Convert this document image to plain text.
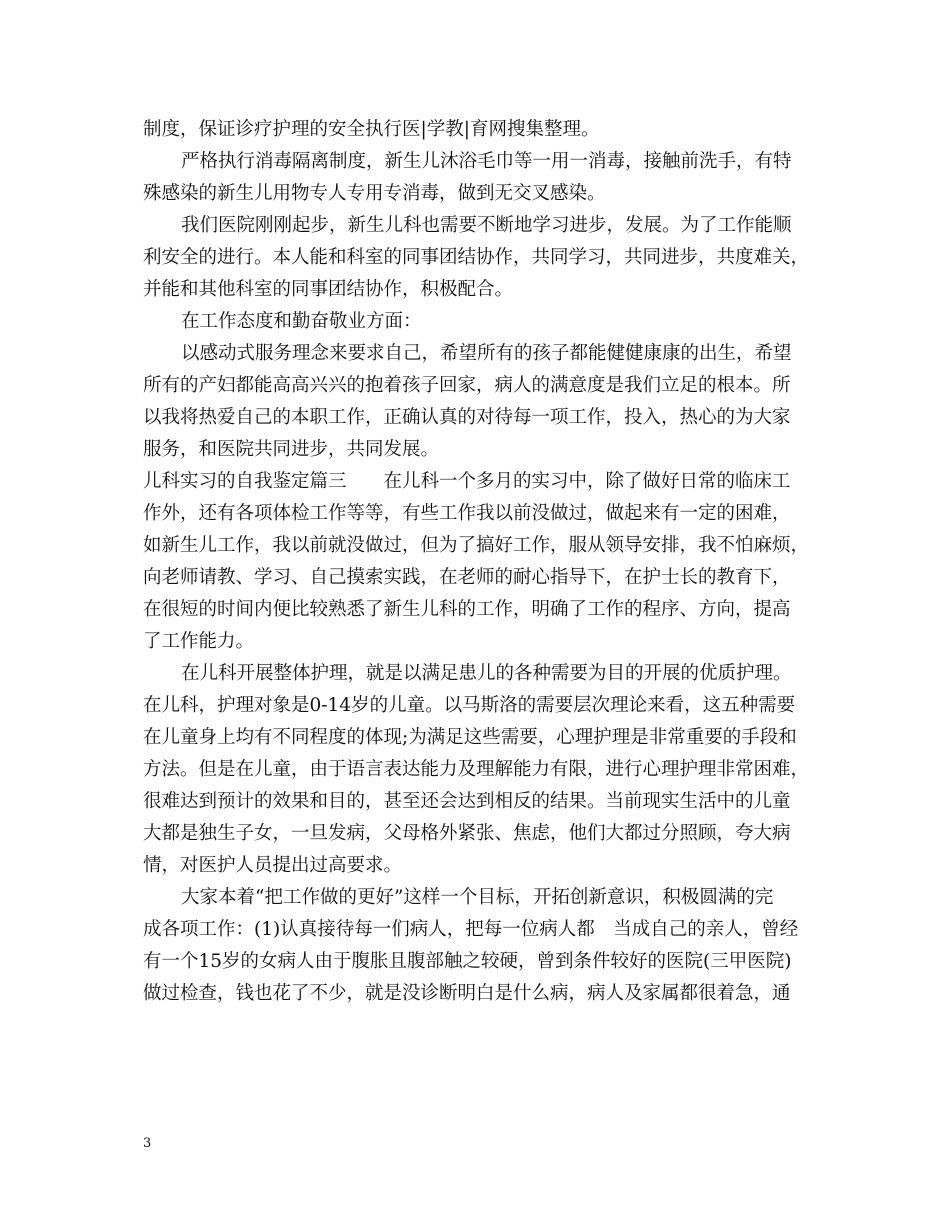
制度，保证诊疗护理的安全执行医|学教|育网搜集整理。
严格执行消毒隔离制度，新生儿沐浴毛巾等一用一消毒，接触前洗手，有特
殊感染的新生儿用物专人专用专消毒，做到无交叉感染。
我们医院刚刚起步，新生儿科也需要不断地学习进步，发展。为了工作能顺
利安全的进行。本人能和科室的同事团结协作，共同学习，共同进步，共度难关，
并能和其他科室的同事团结协作，积极配合。
在工作态度和勤奋敬业方面：
以感动式服务理念来要求自己，希望所有的孩子都能健健康康的出生，希望
所有的产妇都能高高兴兴的抱着孩子回家，病人的满意度是我们立足的根本。所
以我将热爱自己的本职工作，正确认真的对待每一项工作，投入，热心的为大家
服务，和医院共同进步，共同发展。
儿科实习的自我鉴定篇三　　在儿科一个多月的实习中，除了做好日常的临床工
作外，还有各项体检工作等等，有些工作我以前没做过，做起来有一定的困难，
如新生儿工作，我以前就没做过，但为了搞好工作，服从领导安排，我不怕麻烦，
向老师请教、学习、自己摸索实践，在老师的耐心指导下，在护士长的教育下，
在很短的时间内便比较熟悉了新生儿科的工作，明确了工作的程序、方向，提高
了工作能力。
在儿科开展整体护理，就是以满足患儿的各种需要为目的开展的优质护理。
在儿科，护理对象是0-14岁的儿童。以马斯洛的需要层次理论来看，这五种需要
在儿童身上均有不同程度的体现;为满足这些需要，心理护理是非常重要的手段和
方法。但是在儿童，由于语言表达能力及理解能力有限，进行心理护理非常困难，
很难达到预计的效果和目的，甚至还会达到相反的结果。当前现实生活中的儿童
大都是独生子女，一旦发病，父母格外紧张、焦虑，他们大都过分照顾，夸大病
情，对医护人员提出过高要求。
大家本着“把工作做的更好”这样一个目标，开拓创新意识，积极圆满的完
成各项工作：(1)认真接待每一们病人，把每一位病人都　当成自己的亲人，曾经
有一个15岁的女病人由于腹胀且腹部触之较硬，曾到条件较好的医院(三甲医院)
做过检查，钱也花了不少，就是没诊断明白是什么病，病人及家属都很着急，通
3
